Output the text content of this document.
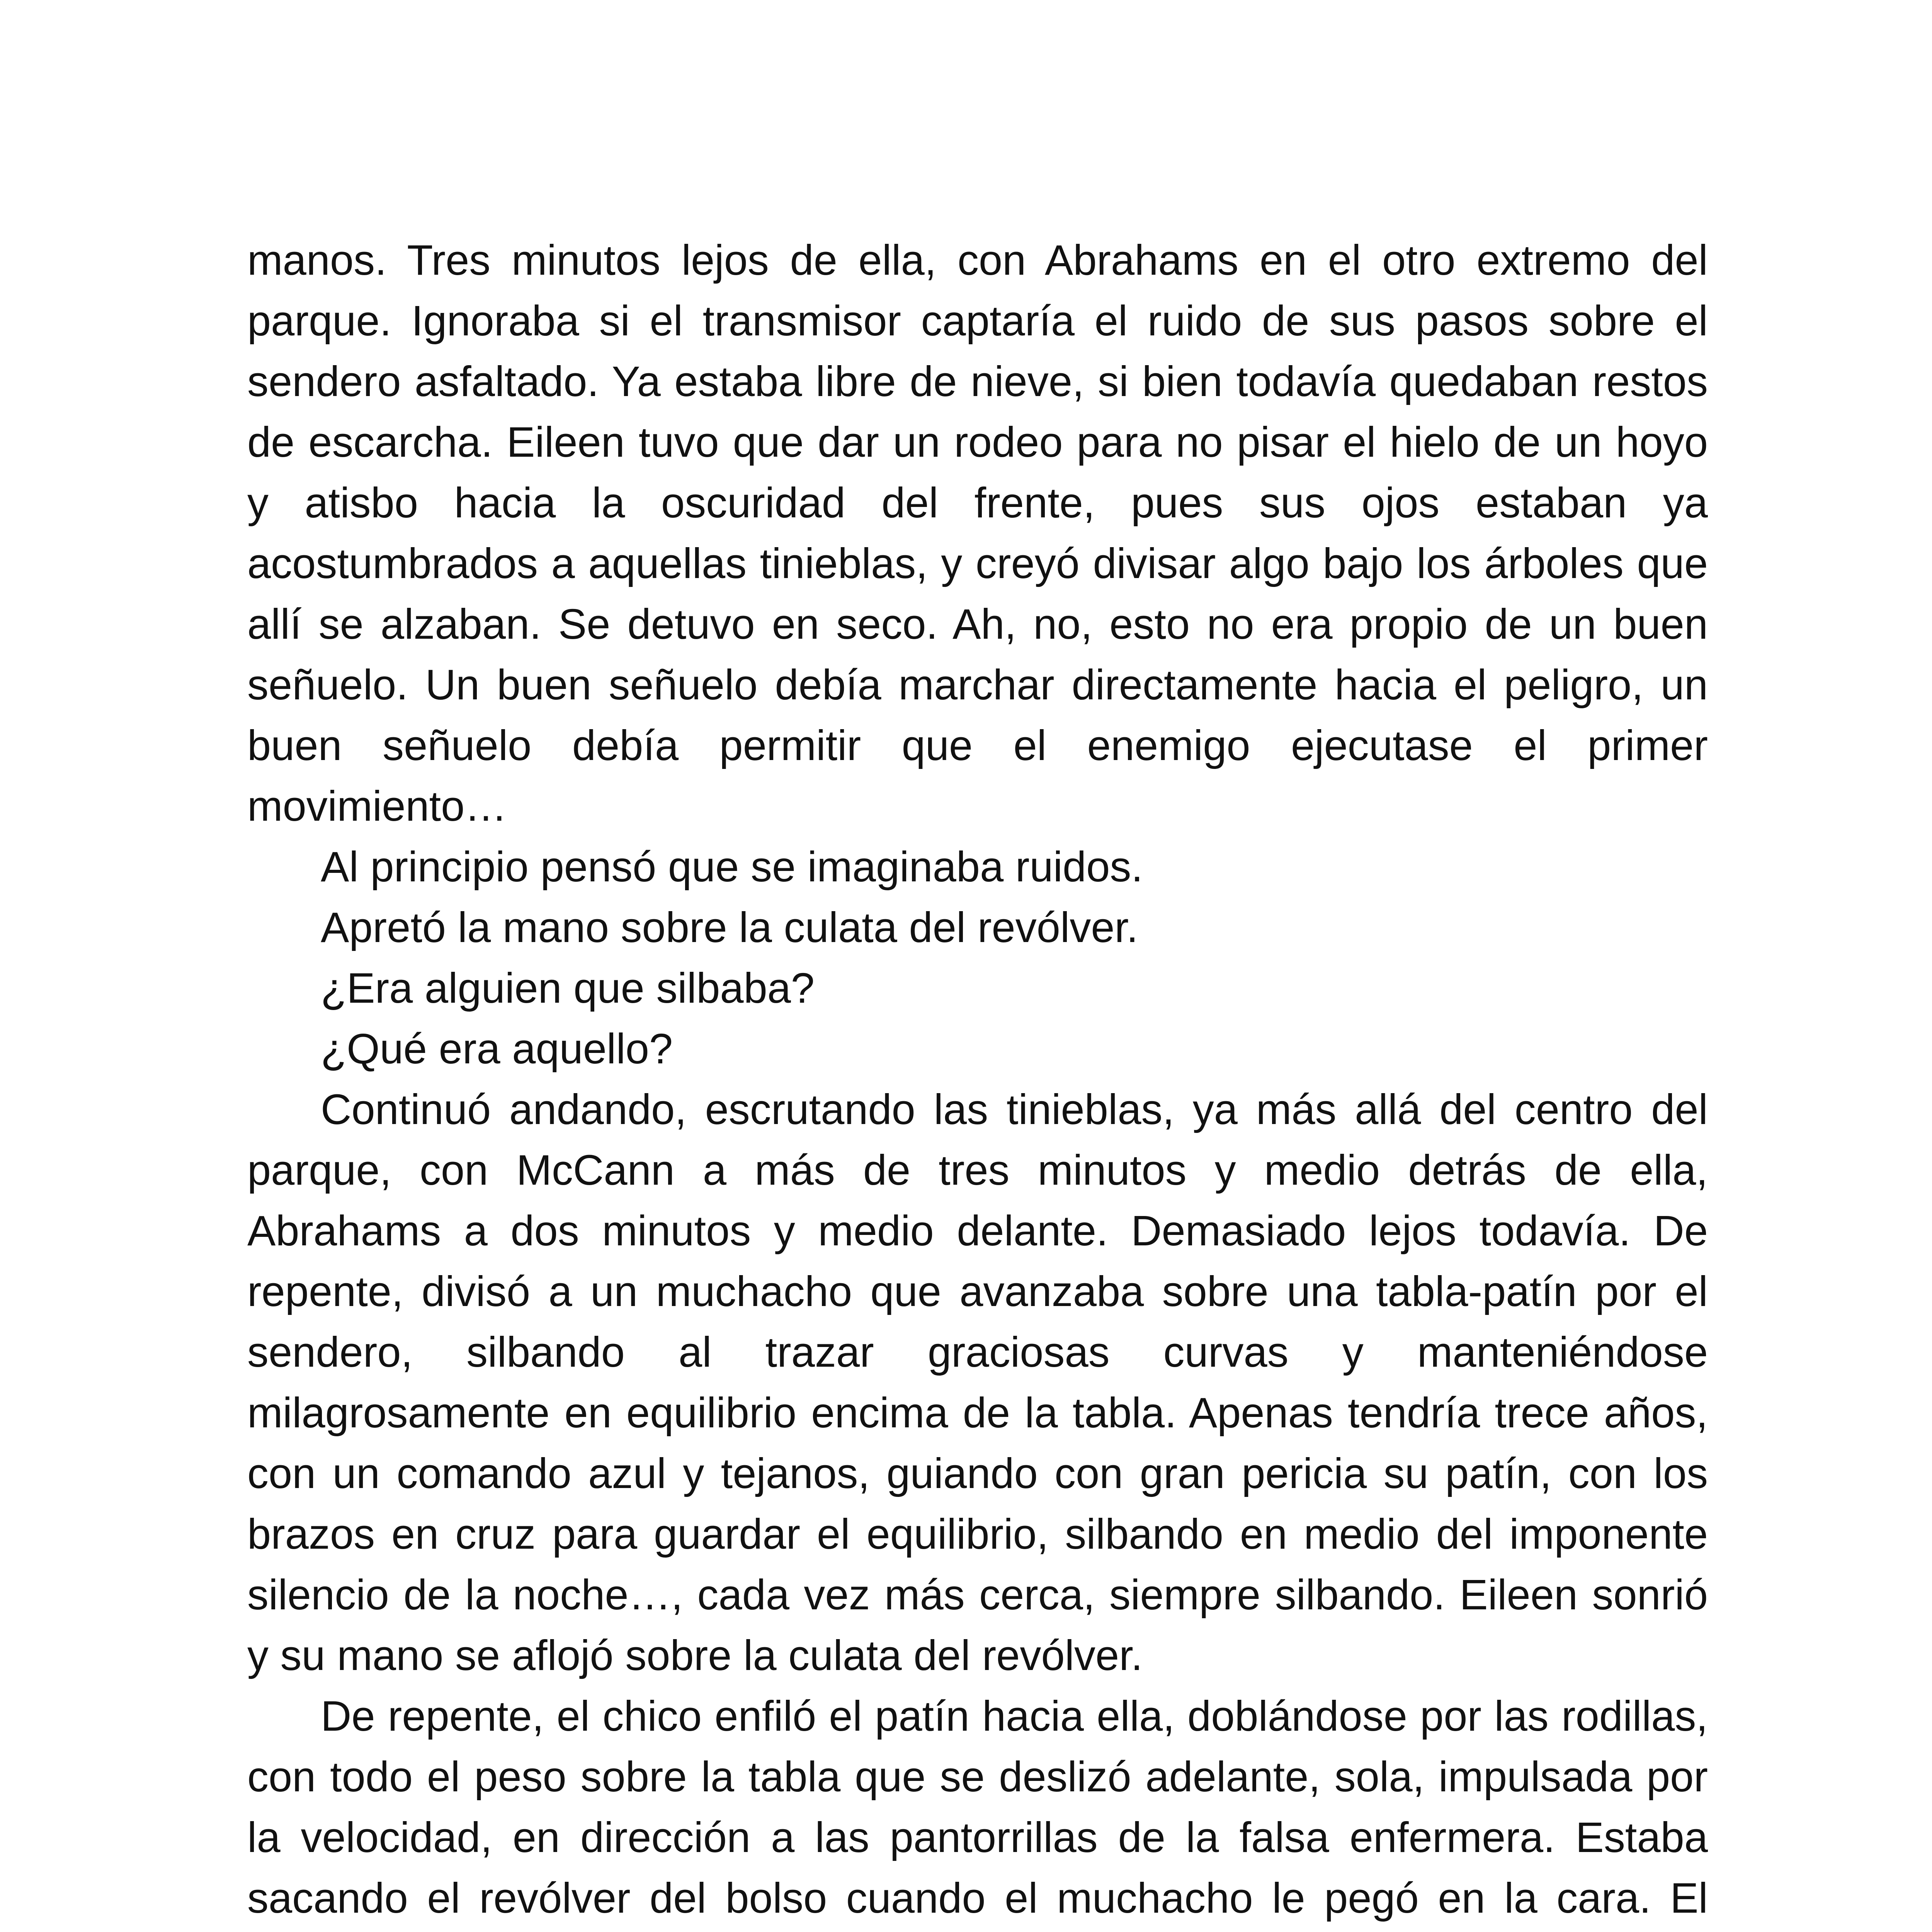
manos. Tres minutos lejos de ella, con Abrahams en el otro extremo del parque. Ignoraba si el transmisor captaría el ruido de sus pasos sobre el sendero asfaltado. Ya estaba libre de nieve, si bien todavía quedaban restos de escarcha. Eileen tuvo que dar un rodeo para no pisar el hielo de un hoyo y atisbo hacia la oscuridad del frente, pues sus ojos estaban ya acostumbrados a aquellas tinieblas, y creyó divisar algo bajo los árboles que allí se alzaban. Se detuvo en seco. Ah, no, esto no era propio de un buen señuelo. Un buen señuelo debía marchar directamente hacia el peligro, un buen señuelo debía permitir que el enemigo ejecutase el primer movimiento…

Al principio pensó que se imaginaba ruidos.

Apretó la mano sobre la culata del revólver.

¿Era alguien que silbaba?

¿Qué era aquello?

Continuó andando, escrutando las tinieblas, ya más allá del centro del parque, con McCann a más de tres minutos y medio detrás de ella, Abrahams a dos minutos y medio delante. Demasiado lejos todavía. De repente, divisó a un muchacho que avanzaba sobre una tabla-patín por el sendero, silbando al trazar graciosas curvas y manteniéndose milagrosamente en equilibrio encima de la tabla. Apenas tendría trece años, con un comando azul y tejanos, guiando con gran pericia su patín, con los brazos en cruz para guardar el equilibrio, silbando en medio del imponente silencio de la noche…, cada vez más cerca, siempre silbando. Eileen sonrió y su mano se aflojó sobre la culata del revólver.

De repente, el chico enfiló el patín hacia ella, doblándose por las rodillas, con todo el peso sobre la tabla que se deslizó adelante, sola, impulsada por la velocidad, en dirección a las pantorrillas de la falsa enfermera. Estaba sacando el revólver del bolso cuando el muchacho le pegó en la cara. El
